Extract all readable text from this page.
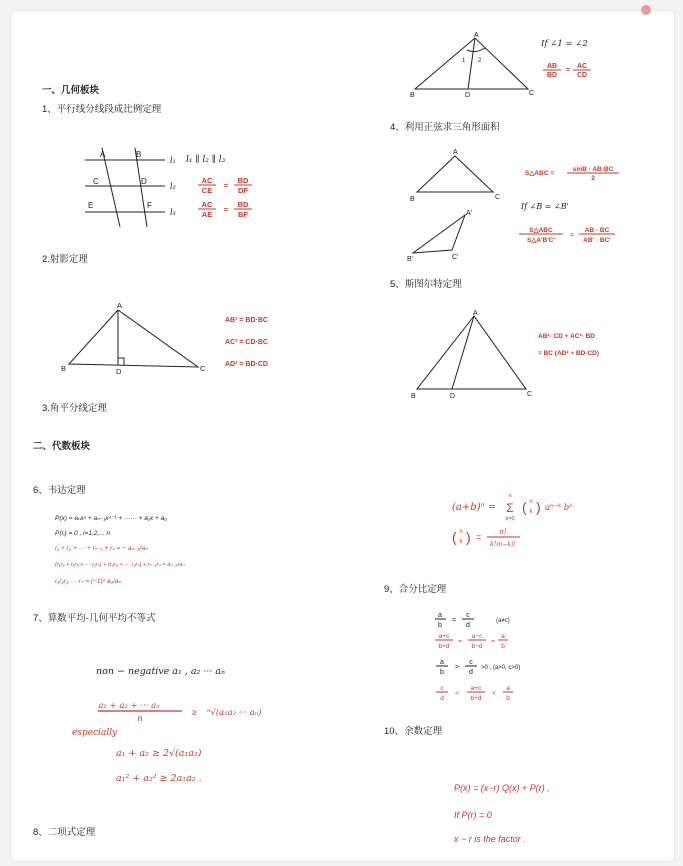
一、几何板块
1、平行线分线段成比例定理
2.射影定理
3.角平分线定理
二、代数板块
6、韦达定理
7、算数平均-几何平均不等式
8、二项式定理
4、利用正弦求三角形面积
5、斯图尔特定理
9、合分比定理
10、余数定理
A	B
C	D
E	F
l₁
l₂
l₃
l₁ ∥ l₂ ∥ l₃
AC
CE
=
BD
DF
AC
AE
=
BD
BF
A
B	D	C
AB² = BD·BC
AC² = CD·BC
AD² = BD·CD
A
B	D	C
1 2
If ∠1 = ∠2
AB
BD
=
AC
CD
A
B	C
A'
B'	C'
S△ABC =
sinB · AB·BC
2
If ∠B = ∠B'
S△ABC
S△A'B'C'
=
AB · BC
AB' · BC'
A
B	D	C
AB²· CD + AC²· BD
= BC (AD² + BD·CD)
P(x) = aₙxⁿ + aₙ₋₁xⁿ⁻¹ + ······ + a₁x + a₀
P(rᵢ) = 0 , i=1,2,... n
r₁ + r₂ + ··· + rₙ₋₁ + rₙ = − aₙ₋₁/aₙ
(r₁r₂ + r₁r₃ + ··· r₁rₙ) + (r₂r₃ + ··· r₂rₙ) + rₙ₋₁rₙ = aₙ₋₂/aₙ
r₁r₂r₃ ··· rₙ = (−1)ⁿ a₀/aₙ
non − negative a₁ , a₂ ··· aₙ
a₁ + a₂ + ··· aₙ
n
≥ ⁿ√(a₁a₂ ··· aₙ)
especially
a₁ + a₂ ≥ 2√(a₁a₂)
a₁² + a₂² ≥ 2a₁a₂ .
(a+b)ⁿ =
n
Σ
k=0
( n
k ) aⁿ⁻ᵏ bᵏ
( n
k ) =	n!
k!(n−k)!
a
b
=
c
d
(a≠c)
a+c
b+d
=
a−c
b−d
=
a
b
a
b
>
c
d
>0 , (a>0, c>0)
c
d
<
a+c
b+d
<
a
b
P(x) = (x−r) Q(x) + P(r) ,
If P(r) = 0
x − r is the factor .
